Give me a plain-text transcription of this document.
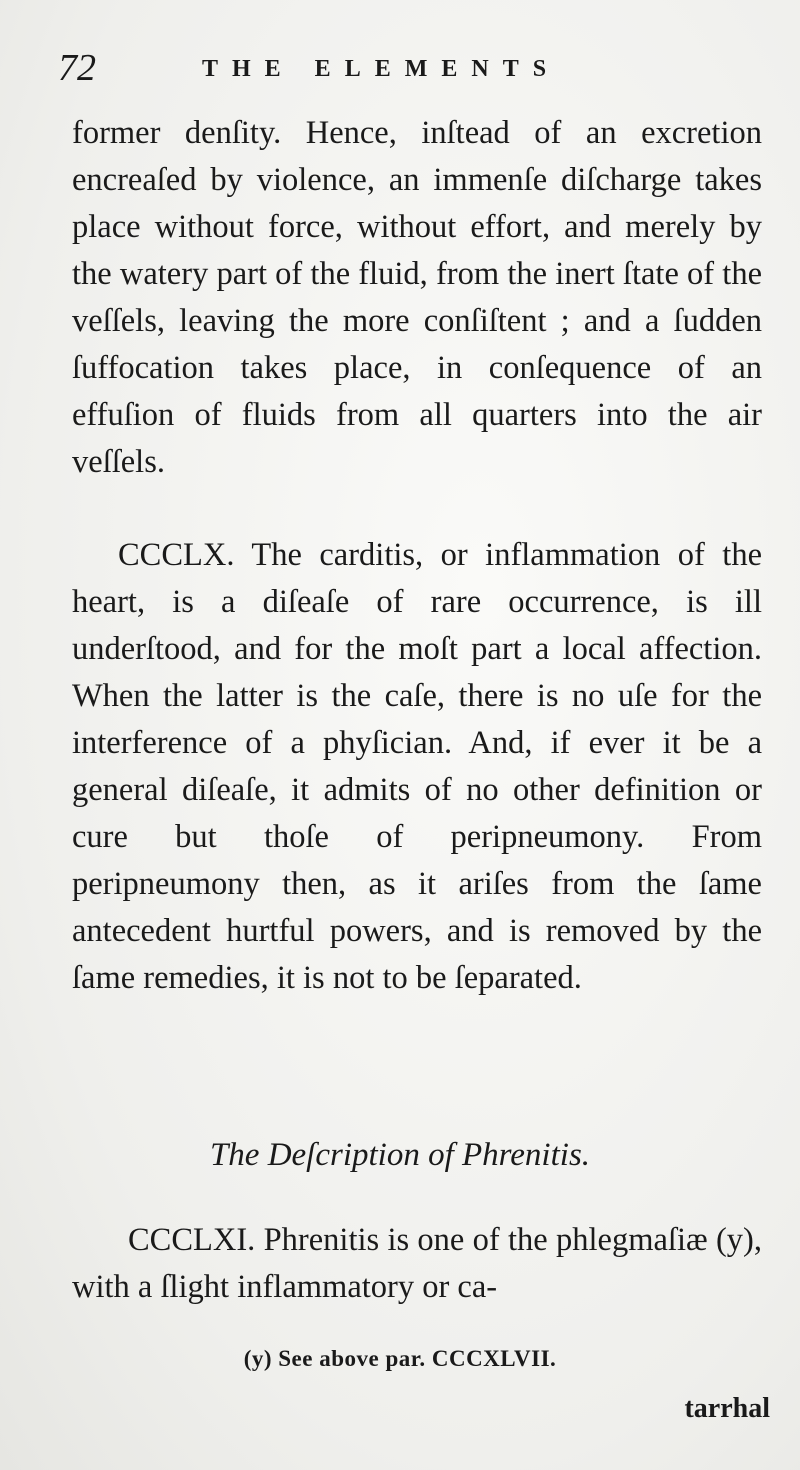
72	THE ELEMENTS

former denſity. Hence, inſtead of an excretion encreaſed by violence, an immenſe diſcharge takes place without force, without effort, and merely by the watery part of the fluid, from the inert ſtate of the veſſels, leaving the more conſiſtent ; and a ſudden ſuffocation takes place, in conſequence of an effuſion of fluids from all quarters into the air veſſels.

CCCLX. The carditis, or inflammation of the heart, is a diſeaſe of rare occurrence, is ill underſtood, and for the moſt part a local affection. When the latter is the caſe, there is no uſe for the interference of a phyſician. And, if ever it be a general diſeaſe, it admits of no other definition or cure but thoſe of peripneumony. From peripneumony then, as it ariſes from the ſame antecedent hurtful powers, and is removed by the ſame remedies, it is not to be ſeparated.

The Deſcription of Phrenitis.

CCCLXI. Phrenitis is one of the phlegmaſiæ (y), with a ſlight inflammatory or ca-

(y) See above par. CCCXLVII.
tarrhal
